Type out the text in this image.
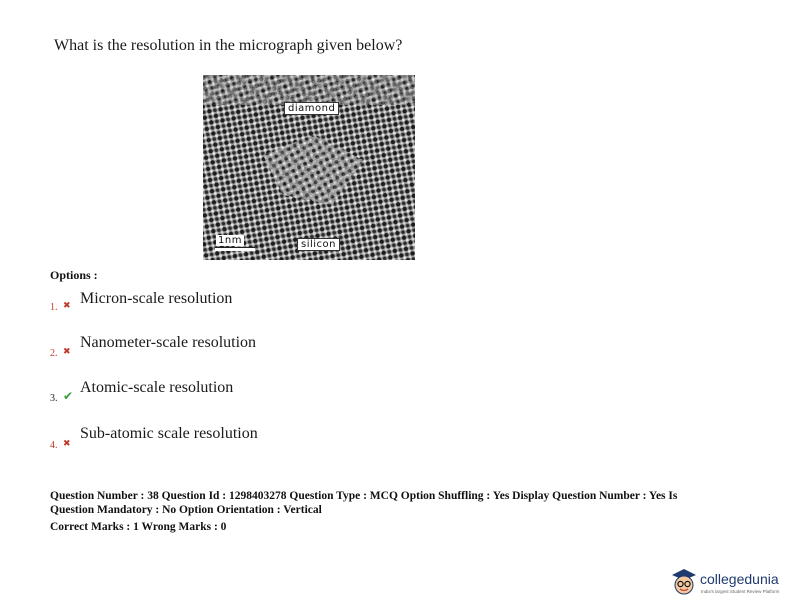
What is the resolution in the micrograph given below?
diamond
silicon
1nm
Options :
1. ✖ Micron-scale resolution
2. ✖ Nanometer-scale resolution
3. ✔ Atomic-scale resolution
4. ✖
Sub-atomic scale resolution

Question Number : 38 Question Id : 1298403278 Question Type : MCQ Option Shuffling : Yes Display Question Number : Yes Is

Question Mandatory : No Option Orientation : Vertical

Correct Marks : 1 Wrong Marks : 0
collegedunia
India's largest Student Review Platform
